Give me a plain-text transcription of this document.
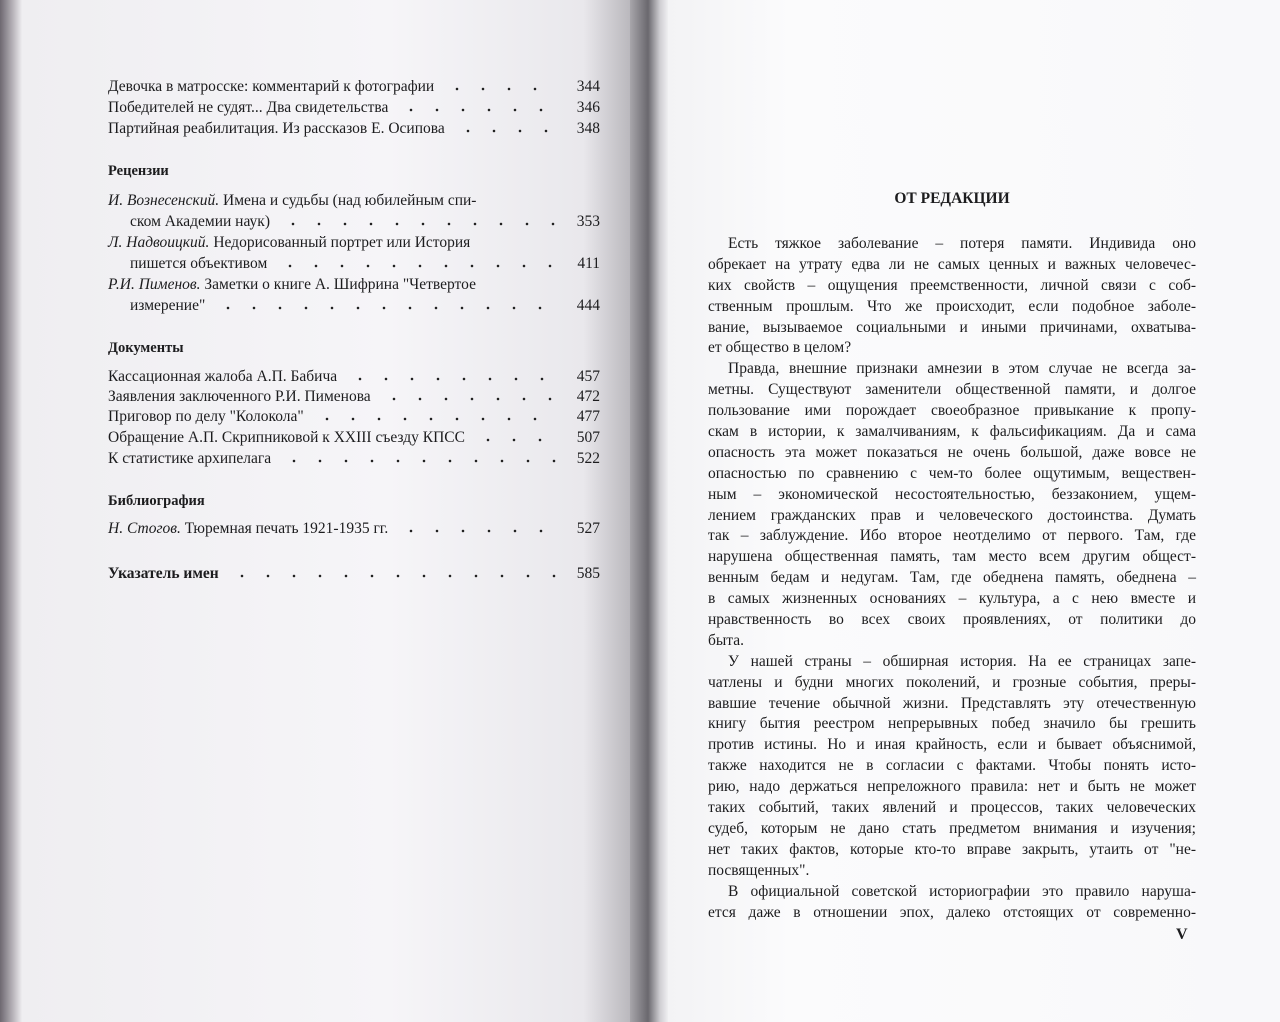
Девочка в матросске: комментарий к фотографии	344
Победителей не судят... Два свидетельства	346
Партийная реабилитация. Из рассказов Е. Осипова	348
Рецензии
И. Вознесенский. Имена и судьбы (над юбилейным спи-
ском Академии наук)	353
Л. Надвоицкий. Недорисованный портрет или История
пишется объективом	411
Р.И. Пименов. Заметки о книге А. Шифрина "Четвертое
измерение"	444
Документы
Кассационная жалоба А.П. Бабича	457
Заявления заключенного Р.И. Пименова	472
Приговор по делу "Колокола"	477
Обращение А.П. Скрипниковой к XXIII съезду КПСС	507
К статистике архипелага	522
Библиография
Н. Стогов. Тюремная печать 1921-1935 гг.	527
Указатель имен	585
ОТ РЕДАКЦИИ
Есть тяжкое заболевание – потеря памяти. Индивида оно
обрекает на утрату едва ли не самых ценных и важных человечес-
ких свойств – ощущения преемственности, личной связи с соб-
ственным прошлым. Что же происходит, если подобное заболе-
вание, вызываемое социальными и иными причинами, охватыва-
ет общество в целом?
Правда, внешние признаки амнезии в этом случае не всегда за-
метны. Существуют заменители общественной памяти, и долгое
пользование ими порождает своеобразное привыкание к пропу-
скам в истории, к замалчиваниям, к фальсификациям. Да и сама
опасность эта может показаться не очень большой, даже вовсе не
опасностью по сравнению с чем-то более ощутимым, веществен-
ным – экономической несостоятельностью, беззаконием, ущем-
лением гражданских прав и человеческого достоинства. Думать
так – заблуждение. Ибо второе неотделимо от первого. Там, где
нарушена общественная память, там место всем другим общест-
венным бедам и недугам. Там, где обеднена память, обеднена –
в самых жизненных основаниях – культура, а с нею вместе и
нравственность во всех своих проявлениях, от политики до
быта.
У нашей страны – обширная история. На ее страницах запе-
чатлены и будни многих поколений, и грозные события, преры-
вавшие течение обычной жизни. Представлять эту отечественную
книгу бытия реестром непрерывных побед значило бы грешить
против истины. Но и иная крайность, если и бывает объяснимой,
также находится не в согласии с фактами. Чтобы понять исто-
рию, надо держаться непреложного правила: нет и быть не может
таких событий, таких явлений и процессов, таких человеческих
судеб, которым не дано стать предметом внимания и изучения;
нет таких фактов, которые кто-то вправе закрыть, утаить от "не-
посвященных".
В официальной советской историографии это правило наруша-
ется даже в отношении эпох, далеко отстоящих от современно-
V
